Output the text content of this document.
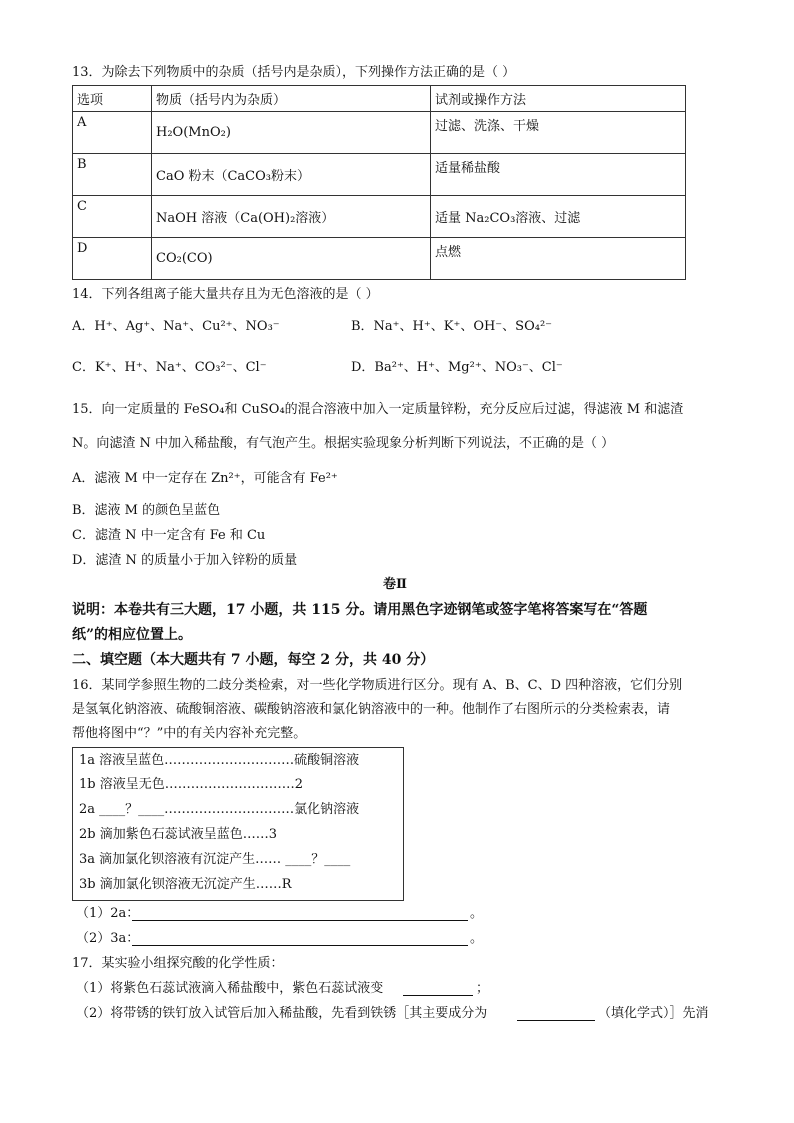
13．为除去下列物质中的杂质（括号内是杂质），下列操作方法正确的是（ ）
选项	物质（括号内为杂质）	试剂或操作方法
A	H₂O(MnO₂)	过滤、洗涤、干燥
B	CaO 粉末（CaCO₃粉末）	适量稀盐酸
C	NaOH 溶液（Ca(OH)₂溶液）	适量 Na₂CO₃溶液、过滤
D	CO₂(CO)	点燃
14．下列各组离子能大量共存且为无色溶液的是（ ）
A．H⁺、Ag⁺、Na⁺、Cu²⁺、NO₃⁻	B．Na⁺、H⁺、K⁺、OH⁻、SO₄²⁻
C．K⁺、H⁺、Na⁺、CO₃²⁻、Cl⁻	D．Ba²⁺、H⁺、Mg²⁺、NO₃⁻、Cl⁻
15．向一定质量的 FeSO₄和 CuSO₄的混合溶液中加入一定质量锌粉，充分反应后过滤，得滤液 M 和滤渣
N。向滤渣 N 中加入稀盐酸，有气泡产生。根据实验现象分析判断下列说法，不正确的是（ ）
A．滤液 M 中一定存在 Zn²⁺，可能含有 Fe²⁺
B．滤液 M 的颜色呈蓝色
C．滤渣 N 中一定含有 Fe 和 Cu
D．滤渣 N 的质量小于加入锌粉的质量
卷Ⅱ
说明：本卷共有三大题，17 小题，共 115 分。请用黑色字迹钢笔或签字笔将答案写在“答题
纸”的相应位置上。
二、填空题（本大题共有 7 小题，每空 2 分，共 40 分）
16．某同学参照生物的二歧分类检索，对一些化学物质进行区分。现有 A、B、C、D 四种溶液，它们分别
是氢氧化钠溶液、硫酸铜溶液、碳酸钠溶液和氯化钠溶液中的一种。他制作了右图所示的分类检索表，请
帮他将图中“？”中的有关内容补充完整。
1a 溶液呈蓝色…………………………硫酸铜溶液
1b 溶液呈无色…………………………2
2a ____？____…………………………氯化钠溶液
2b 滴加紫色石蕊试液呈蓝色……3
3a 滴加氯化钡溶液有沉淀产生…… ____？____
3b 滴加氯化钡溶液无沉淀产生……R
（1）2a：	。
（2）3a：	。
17．某实验小组探究酸的化学性质：
（1）将紫色石蕊试液滴入稀盐酸中，紫色石蕊试液变	；
（2）将带锈的铁钉放入试管后加入稀盐酸，先看到铁锈［其主要成分为	（填化学式）］先消
